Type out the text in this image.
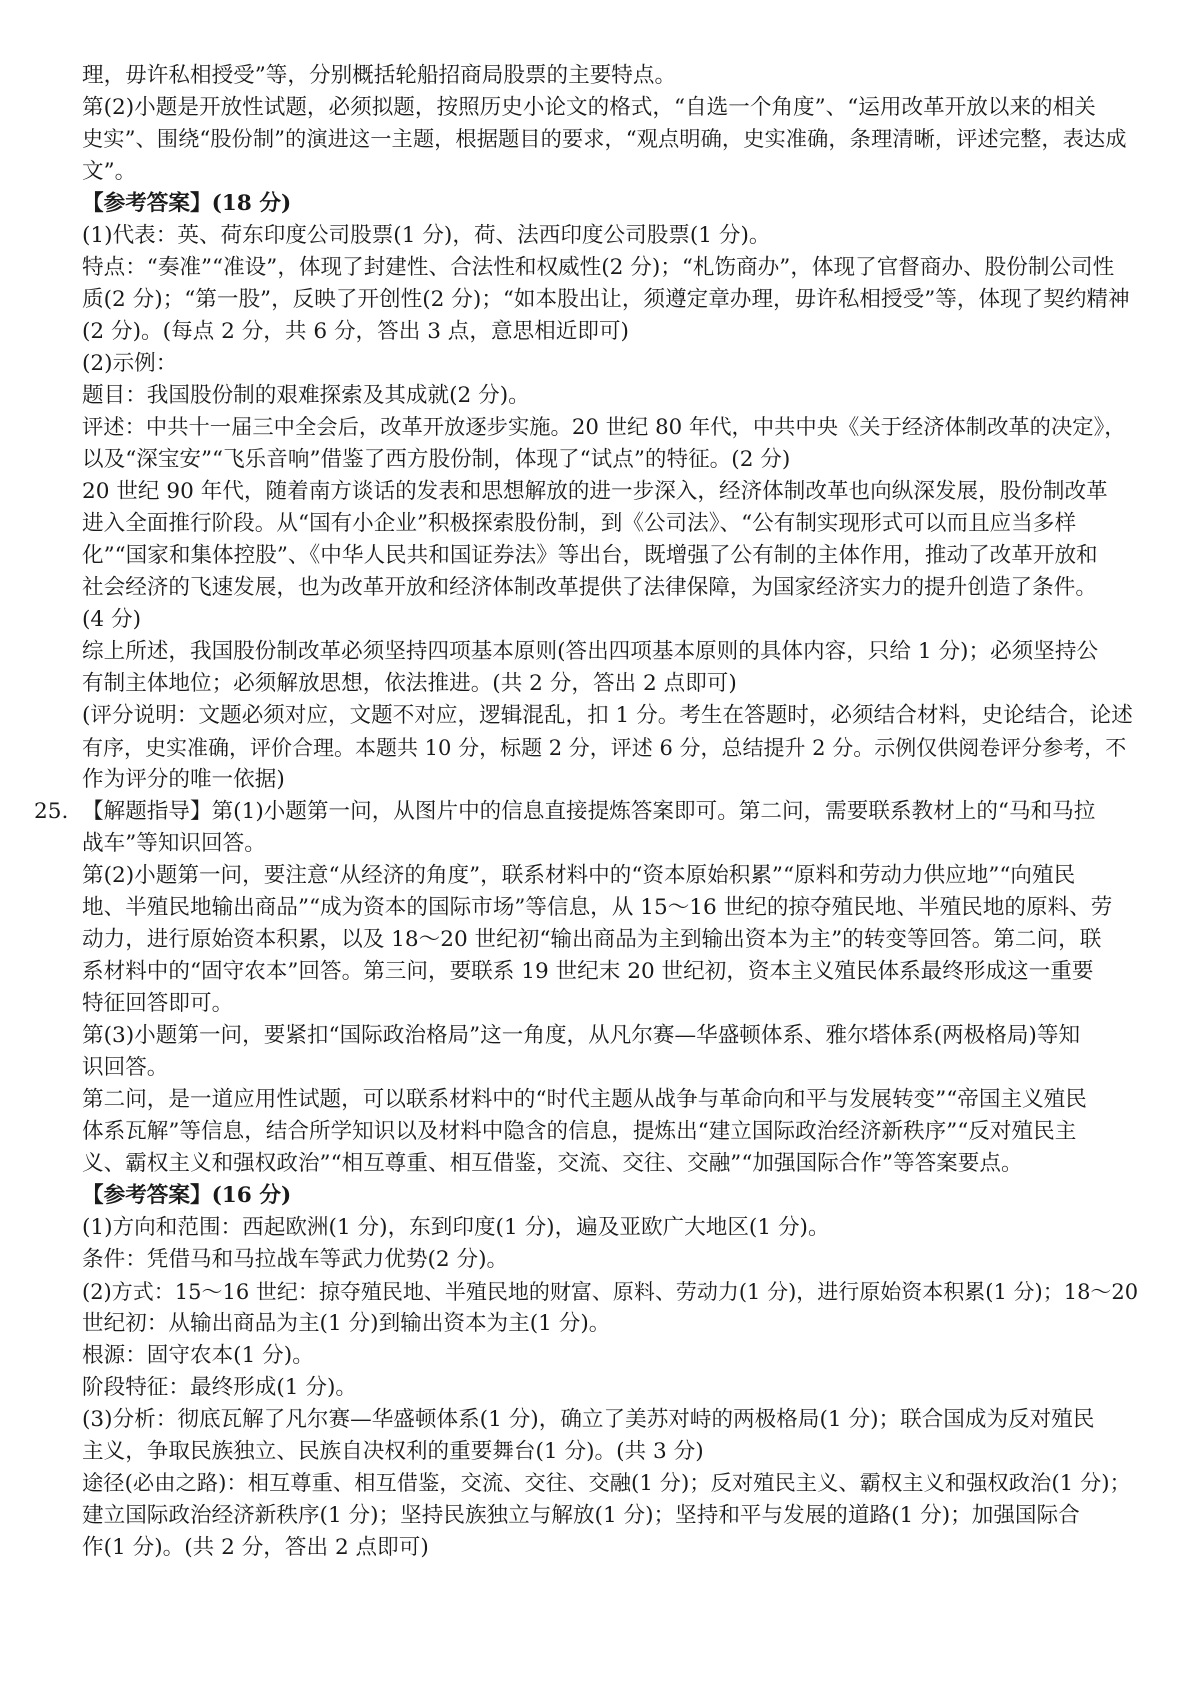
理，毋许私相授受”等，分别概括轮船招商局股票的主要特点。

第(2)小题是开放性试题，必须拟题，按照历史小论文的格式，“自选一个角度”、“运用改革开放以来的相关

史实”、围绕“股份制”的演进这一主题，根据题目的要求，“观点明确，史实准确，条理清晰，评述完整，表达成

文”。

【参考答案】(18 分)

(1)代表：英、荷东印度公司股票(1 分)，荷、法西印度公司股票(1 分)。

特点：“奏准”“准设”，体现了封建性、合法性和权威性(2 分)；“札饬商办”，体现了官督商办、股份制公司性

质(2 分)；“第一股”，反映了开创性(2 分)；“如本股出让，须遵定章办理，毋许私相授受”等，体现了契约精神

(2 分)。(每点 2 分，共 6 分，答出 3 点，意思相近即可)

(2)示例：

题目：我国股份制的艰难探索及其成就(2 分)。

评述：中共十一届三中全会后，改革开放逐步实施。20 世纪 80 年代，中共中央《关于经济体制改革的决定》，

以及“深宝安”“飞乐音响”借鉴了西方股份制，体现了“试点”的特征。(2 分)

20 世纪 90 年代，随着南方谈话的发表和思想解放的进一步深入，经济体制改革也向纵深发展，股份制改革

进入全面推行阶段。从“国有小企业”积极探索股份制，到《公司法》、“公有制实现形式可以而且应当多样

化”“国家和集体控股”、《中华人民共和国证券法》等出台，既增强了公有制的主体作用，推动了改革开放和

社会经济的飞速发展，也为改革开放和经济体制改革提供了法律保障，为国家经济实力的提升创造了条件。

(4 分)

综上所述，我国股份制改革必须坚持四项基本原则(答出四项基本原则的具体内容，只给 1 分)；必须坚持公

有制主体地位；必须解放思想，依法推进。(共 2 分，答出 2 点即可)

(评分说明：文题必须对应，文题不对应，逻辑混乱，扣 1 分。考生在答题时，必须结合材料，史论结合，论述

有序，史实准确，评价合理。本题共 10 分，标题 2 分，评述 6 分，总结提升 2 分。示例仅供阅卷评分参考，不

作为评分的唯一依据)

25. 【解题指导】第(1)小题第一问，从图片中的信息直接提炼答案即可。第二问，需要联系教材上的“马和马拉

战车”等知识回答。

第(2)小题第一问，要注意“从经济的角度”，联系材料中的“资本原始积累”“原料和劳动力供应地”“向殖民

地、半殖民地输出商品”“成为资本的国际市场”等信息，从 15～16 世纪的掠夺殖民地、半殖民地的原料、劳

动力，进行原始资本积累，以及 18～20 世纪初“输出商品为主到输出资本为主”的转变等回答。第二问，联

系材料中的“固守农本”回答。第三问，要联系 19 世纪末 20 世纪初，资本主义殖民体系最终形成这一重要

特征回答即可。

第(3)小题第一问，要紧扣“国际政治格局”这一角度，从凡尔赛—华盛顿体系、雅尔塔体系(两极格局)等知

识回答。

第二问，是一道应用性试题，可以联系材料中的“时代主题从战争与革命向和平与发展转变”“帝国主义殖民

体系瓦解”等信息，结合所学知识以及材料中隐含的信息，提炼出“建立国际政治经济新秩序”“反对殖民主

义、霸权主义和强权政治”“相互尊重、相互借鉴，交流、交往、交融”“加强国际合作”等答案要点。

【参考答案】(16 分)

(1)方向和范围：西起欧洲(1 分)，东到印度(1 分)，遍及亚欧广大地区(1 分)。

条件：凭借马和马拉战车等武力优势(2 分)。

(2)方式：15～16 世纪：掠夺殖民地、半殖民地的财富、原料、劳动力(1 分)，进行原始资本积累(1 分)；18～20

世纪初：从输出商品为主(1 分)到输出资本为主(1 分)。

根源：固守农本(1 分)。

阶段特征：最终形成(1 分)。

(3)分析：彻底瓦解了凡尔赛—华盛顿体系(1 分)，确立了美苏对峙的两极格局(1 分)；联合国成为反对殖民

主义，争取民族独立、民族自决权利的重要舞台(1 分)。(共 3 分)

途径(必由之路)：相互尊重、相互借鉴，交流、交往、交融(1 分)；反对殖民主义、霸权主义和强权政治(1 分)；

建立国际政治经济新秩序(1 分)；坚持民族独立与解放(1 分)；坚持和平与发展的道路(1 分)；加强国际合

作(1 分)。(共 2 分，答出 2 点即可)
